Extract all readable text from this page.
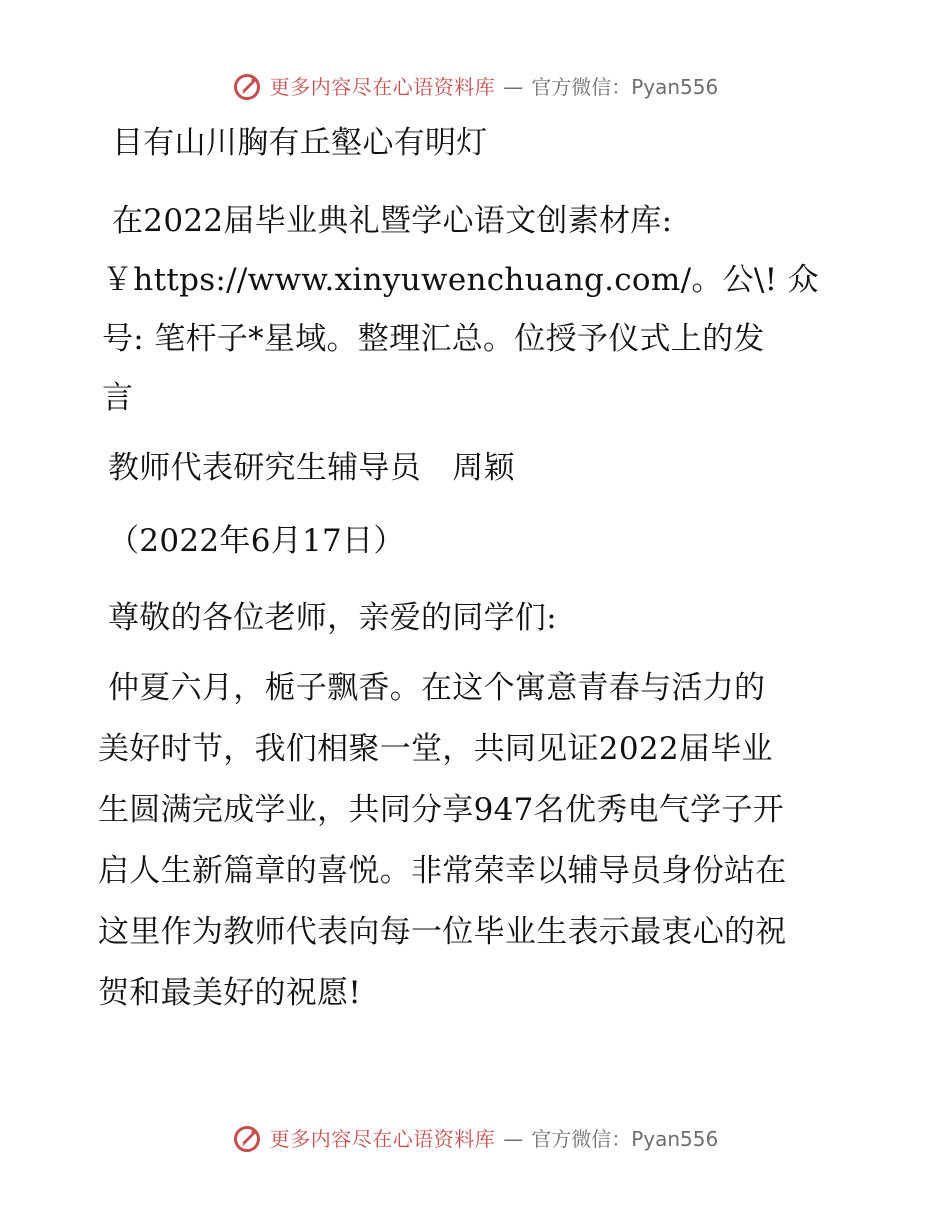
更多内容尽在心语资料库 — 官方微信：Pyan556
目有山川胸有丘壑心有明灯
在2022届毕业典礼暨学心语文创素材库:
￥https://www.xinyuwenchuang.com/。公\! 众
号: 笔杆子*星域。整理汇总。位授予仪式上的发
言
教师代表研究生辅导员　周颖
（2022年6月17日）
尊敬的各位老师，亲爱的同学们:
仲夏六月，栀子飘香。在这个寓意青春与活力的
美好时节，我们相聚一堂，共同见证2022届毕业
生圆满完成学业，共同分享947名优秀电气学子开
启人生新篇章的喜悦。非常荣幸以辅导员身份站在
这里作为教师代表向每一位毕业生表示最衷心的祝
贺和最美好的祝愿!
更多内容尽在心语资料库 — 官方微信：Pyan556
